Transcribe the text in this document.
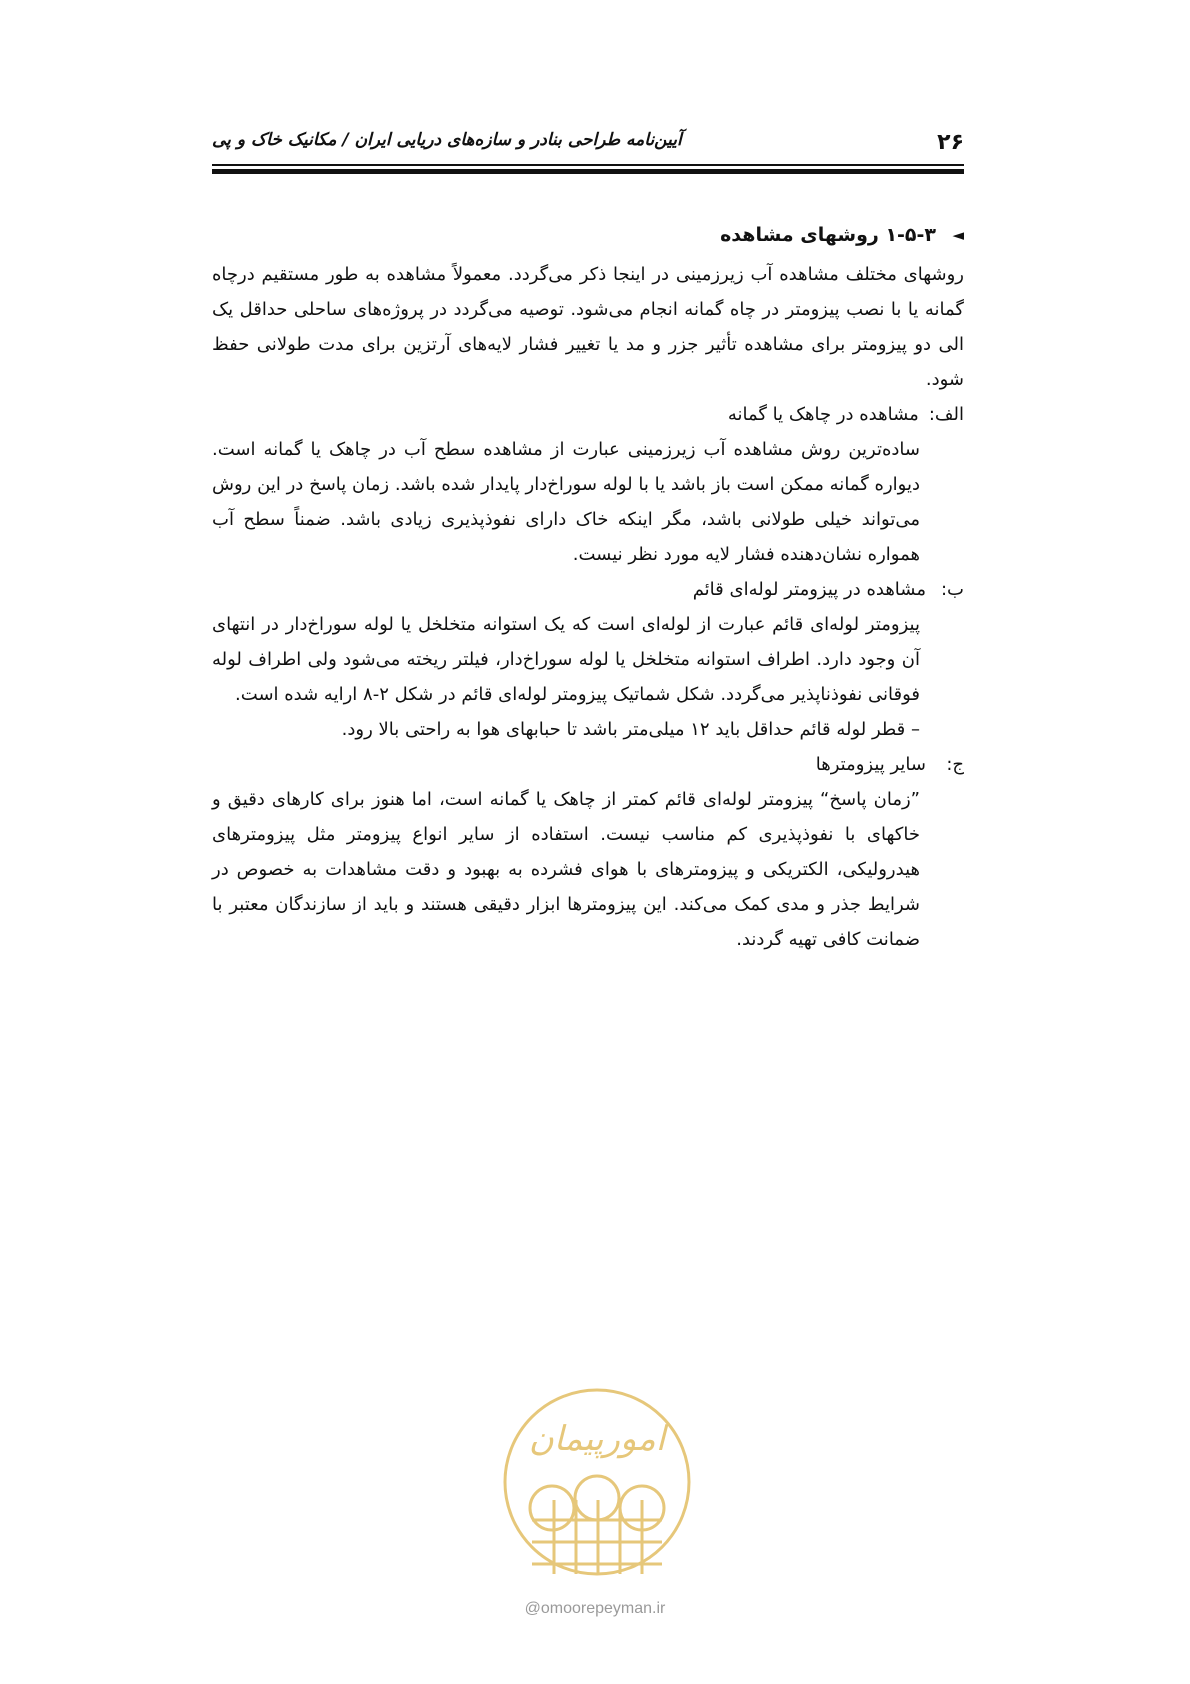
۲۶
آیین‌نامه طراحی بنادر و سازه‌های دریایی ایران / مکانیک خاک و پی
◄
۱-۵-۳ روشهای مشاهده

روشهای مختلف مشاهده آب زیرزمینی در اینجا ذکر می‌گردد. معمولاً مشاهده به طور مستقیم درچاه گمانه یا با نصب پیزومتر در چاه گمانه انجام می‌شود. توصیه می‌گردد در پروژه‌های ساحلی حداقل یک الی دو پیزومتر برای مشاهده تأثیر جزر و مد یا تغییر فشار لایه‌های آرتزین برای مدت طولانی حفظ شود.

الف:
مشاهده در چاهک یا گمانه

ساده‌ترین روش مشاهده آب زیرزمینی عبارت از مشاهده سطح آب در چاهک یا گمانه است. دیواره گمانه ممکن است باز باشد یا با لوله سوراخ‌دار پایدار شده باشد. زمان پاسخ در این روش می‌تواند خیلی طولانی باشد، مگر اینکه خاک دارای نفوذپذیری زیادی باشد. ضمناً سطح آب همواره نشان‌دهنده فشار لایه مورد نظر نیست.

ب:
مشاهده در پیزومتر لوله‌ای قائم

پیزومتر لوله‌ای قائم عبارت از لوله‌ای است که یک استوانه متخلخل یا لوله سوراخ‌دار در انتهای آن وجود دارد. اطراف استوانه متخلخل یا لوله سوراخ‌دار، فیلتر ریخته می‌شود ولی اطراف لوله فوقانی نفوذناپذیر می‌گردد. شکل شماتیک پیزومتر لوله‌ای قائم در شکل ۲-۸ ارایه شده است.

– قطر لوله قائم حداقل باید ۱۲ میلی‌متر باشد تا حبابهای هوا به راحتی بالا رود.

ج:
سایر پیزومترها

”زمان پاسخ“ پیزومتر لوله‌ای قائم کمتر از چاهک یا گمانه است، اما هنوز برای کارهای دقیق و خاکهای با نفوذپذیری کم مناسب نیست. استفاده از سایر انواع پیزومتر مثل پیزومترهای هیدرولیکی، الکتریکی و پیزومترهای با هوای فشرده به بهبود و دقت مشاهدات به خصوص در شرایط جذر و مدی کمک می‌کند. این پیزومترها ابزار دقیقی هستند و باید از سازندگان معتبر با ضمانت کافی تهیه گردند.

امورپیمان
@omoorepeyman.ir
